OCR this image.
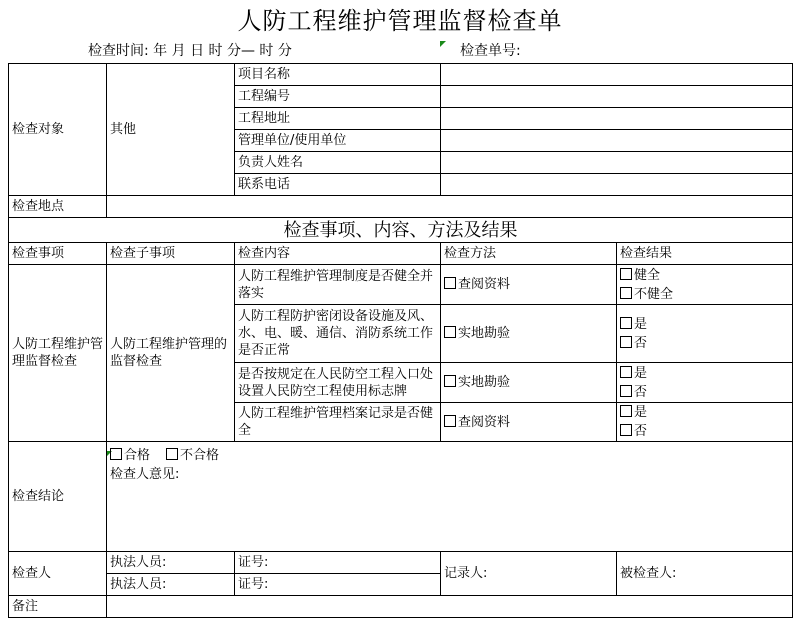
人防工程维护管理监督检查单
检查时间: 年 月 日 时 分— 时 分	检查单号:
检查对象	其他	项目名称		
		工程编号		
		工程地址		
		管理单位/使用单位		
		负责人姓名		
		联系电话		
检查地点				
检查事项、内容、方法及结果				
检查事项	检查子事项	检查内容	检查方法	检查结果
人防工程维护管理监督检查	人防工程维护管理的监督检查	人防工程维护管理制度是否健全并落实	查阅资料	健全
不健全

		人防工程防护密闭设备设施及风、水、电、暖、通信、消防系统工作是否正常	实地勘验	是
否

		是否按规定在人民防空工程入口处设置人民防空工程使用标志牌	实地勘验	是
否

		人防工程维护管理档案记录是否健全	查阅资料	是
否

检查结论	合格 不合格
检查人意见:			

检查人	执法人员:	证号:	记录人:	被检查人:
	执法人员:	证号:		
备注				
